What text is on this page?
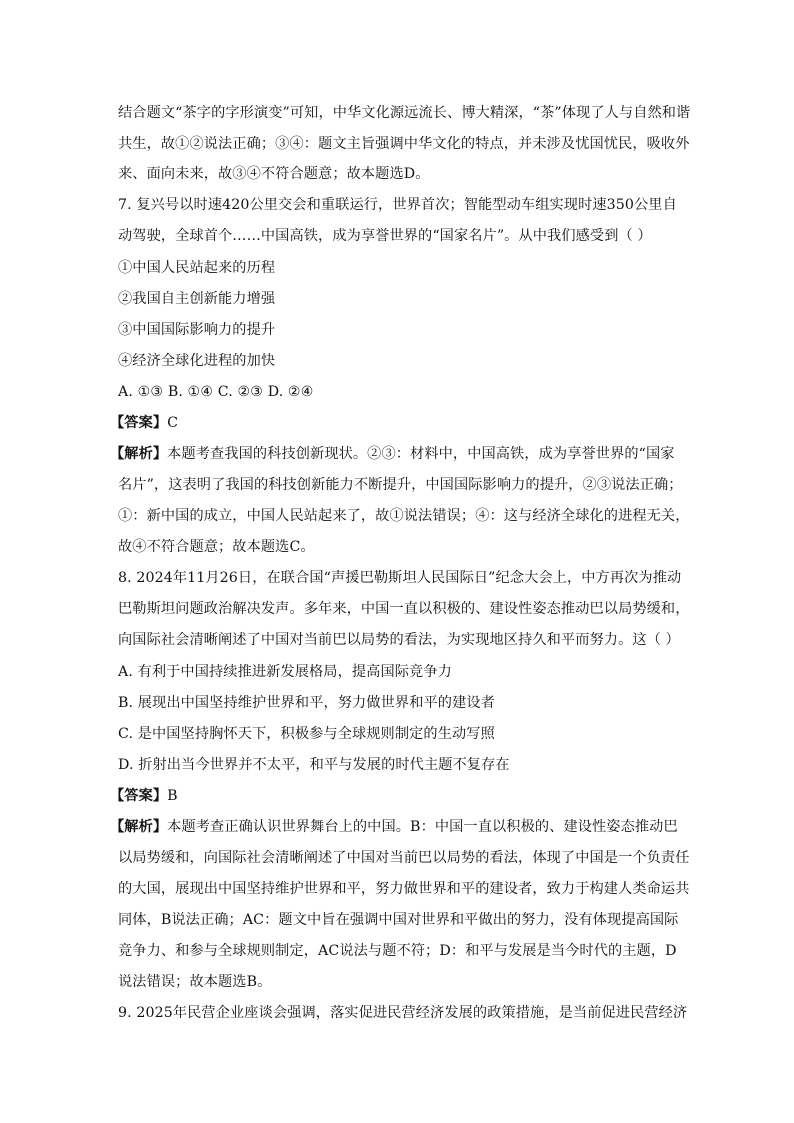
结合题文“茶字的字形演变”可知，中华文化源远流长、博大精深，“茶”体现了人与自然和谐
共生，故①②说法正确；③④：题文主旨强调中华文化的特点，并未涉及忧国忧民，吸收外
来、面向未来，故③④不符合题意；故本题选D。
7. 复兴号以时速420公里交会和重联运行，世界首次；智能型动车组实现时速350公里自
动驾驶，全球首个……中国高铁，成为享誉世界的“国家名片”。从中我们感受到（ ）
①中国人民站起来的历程
②我国自主创新能力增强
③中国国际影响力的提升
④经济全球化进程的加快
A. ①③ B. ①④ C. ②③ D. ②④
【答案】C
【解析】本题考查我国的科技创新现状。②③：材料中，中国高铁，成为享誉世界的“国家
名片”，这表明了我国的科技创新能力不断提升，中国国际影响力的提升，②③说法正确；
①：新中国的成立，中国人民站起来了，故①说法错误；④：这与经济全球化的进程无关，
故④不符合题意；故本题选C。
8. 2024年11月26日，在联合国“声援巴勒斯坦人民国际日”纪念大会上，中方再次为推动
巴勒斯坦问题政治解决发声。多年来，中国一直以积极的、建设性姿态推动巴以局势缓和，
向国际社会清晰阐述了中国对当前巴以局势的看法，为实现地区持久和平而努力。这（ ）
A. 有利于中国持续推进新发展格局，提高国际竞争力
B. 展现出中国坚持维护世界和平，努力做世界和平的建设者
C. 是中国坚持胸怀天下，积极参与全球规则制定的生动写照
D. 折射出当今世界并不太平，和平与发展的时代主题不复存在
【答案】B
【解析】本题考查正确认识世界舞台上的中国。B：中国一直以积极的、建设性姿态推动巴
以局势缓和，向国际社会清晰阐述了中国对当前巴以局势的看法，体现了中国是一个负责任
的大国，展现出中国坚持维护世界和平，努力做世界和平的建设者，致力于构建人类命运共
同体，B说法正确；AC：题文中旨在强调中国对世界和平做出的努力，没有体现提高国际
竞争力、和参与全球规则制定，AC说法与题不符；D：和平与发展是当今时代的主题，D
说法错误；故本题选B。
9. 2025年民营企业座谈会强调，落实促进民营经济发展的政策措施，是当前促进民营经济
